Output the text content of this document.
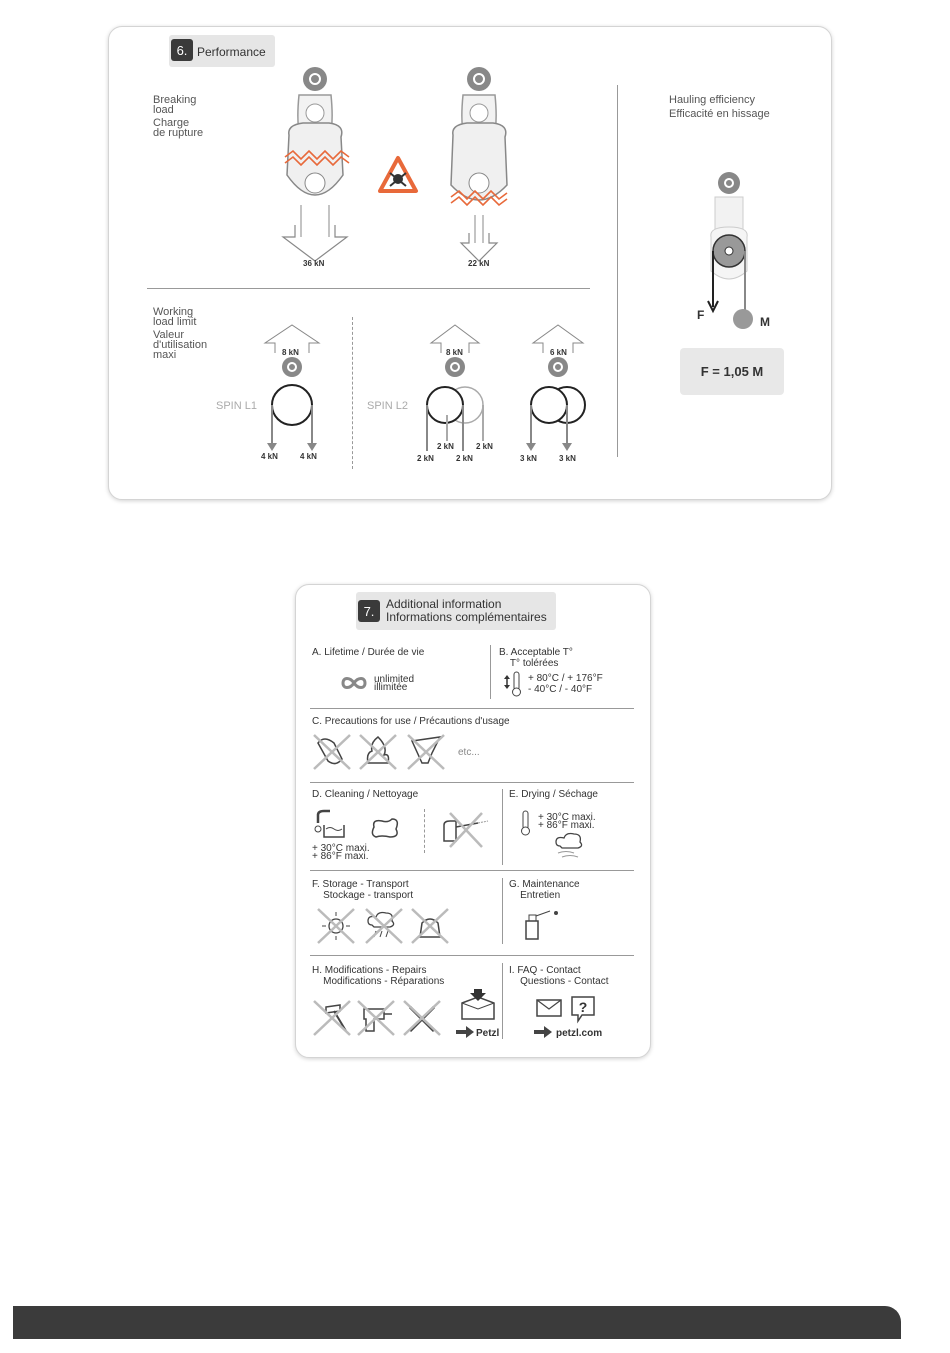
6. Performance
Breaking
load
Charge
de rupture
Hauling efficiency
Efficacité en hissage
36 kN	22 kN
Working
load limit
Valeur
d'utilisation
maxi	8 kN
4 kN	4 kN
SPIN L1
8 kN
2 kN
2 kN
2 kN
2 kN
SPIN L2
6 kN
3 kN	3 kN
F	M
F = 1,05 M
7. Additional information
Informations complémentaires
A. Lifetime / Durée de vie
unlimited
illimitée
B. Acceptable T°
T° tolérées
+ 80°C / + 176°F
- 40°C / - 40°F
C. Precautions for use / Précautions d'usage
etc...
D. Cleaning / Nettoyage
+ 30°C maxi.
+ 86°F maxi.
E. Drying / Séchage
+ 30°C maxi.
+ 86°F maxi.
F. Storage - Transport
Stockage - transport
G. Maintenance
Entretien
H. Modifications - Repairs
Modifications - Réparations
Petzl
I. FAQ - Contact
Questions - Contact
?
petzl.com
